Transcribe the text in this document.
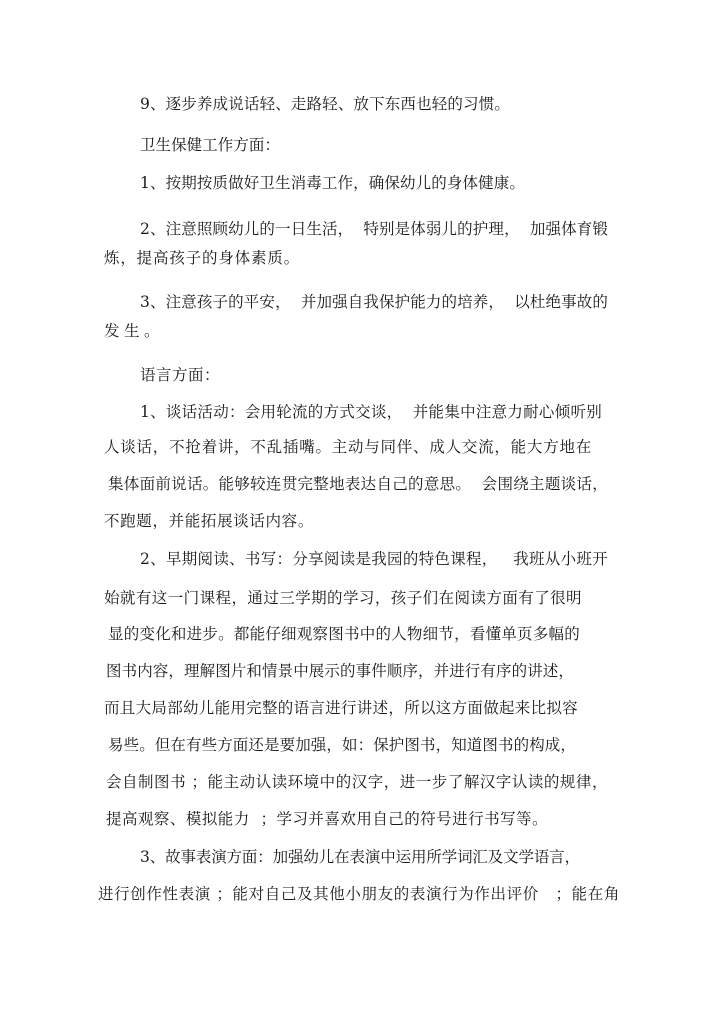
9、逐步养成说话轻、走路轻、放下东西也轻的习惯。
卫生保健工作方面：
1、按期按质做好卫生消毒工作，确保幼儿的身体健康。
2、注意照顾幼儿的一日生活，  特别是体弱儿的护理，  加强体育锻
炼，提高孩子的身体素质。
3、注意孩子的平安，  并加强自我保护能力的培养，  以杜绝事故的
发生。
语言方面：
1、谈话活动：会用轮流的方式交谈，  并能集中注意力耐心倾听别
人谈话，不抢着讲，不乱插嘴。主动与同伴、成人交流，能大方地在
集体面前说话。能够较连贯完整地表达自己的意思。  会围绕主题谈话，
不跑题，并能拓展谈话内容。
2、早期阅读、书写：分享阅读是我园的特色课程，   我班从小班开
始就有这一门课程，通过三学期的学习，孩子们在阅读方面有了很明
显的变化和进步。都能仔细观察图书中的人物细节，看懂单页多幅的
图书内容，理解图片和情景中展示的事件顺序，并进行有序的讲述，
而且大局部幼儿能用完整的语言进行讲述，所以这方面做起来比拟容
易些。但在有些方面还是要加强，如：保护图书，知道图书的构成，
会自制图书 ；能主动认读环境中的汉字，进一步了解汉字认读的规律，
提高观察、模拟能力  ；学习并喜欢用自己的符号进行书写等。
3、故事表演方面：加强幼儿在表演中运用所学词汇及文学语言，
进行创作性表演 ；能对自己及其他小朋友的表演行为作出评价   ；能在角
